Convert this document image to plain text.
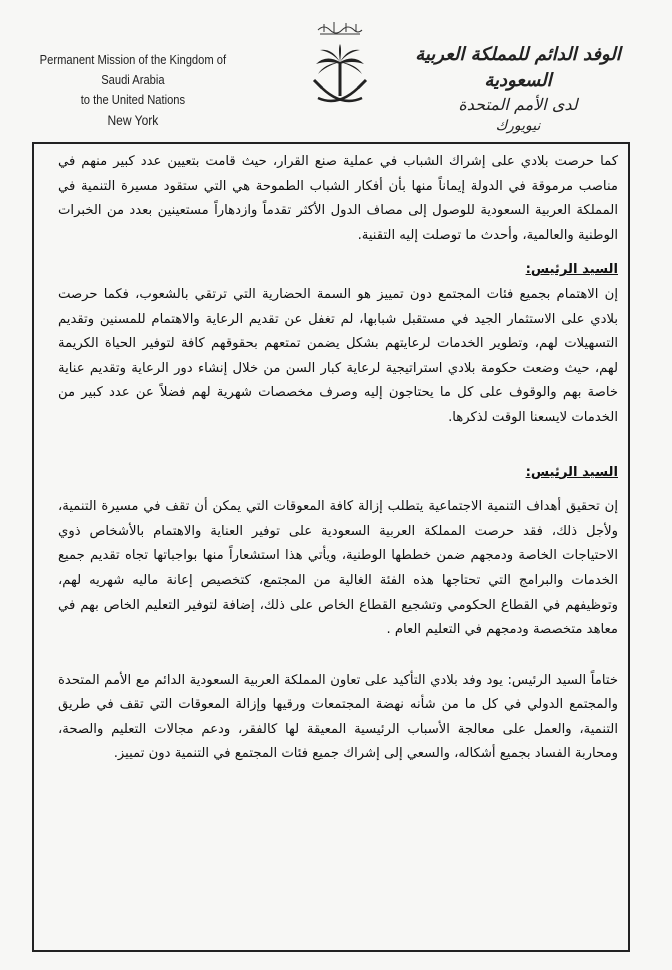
Permanent Mission of the Kingdom of Saudi Arabia
to the United Nations
New York
الوفد الدائم للمملكة العربية السعودية
لدى الأمم المتحدة
نيويورك

كما حرصت بلادي على إشراك الشباب في عملية صنع القرار، حيث قامت بتعيين عدد كبير منهم في مناصب مرموقة في الدولة إيماناً منها بأن أفكار الشباب الطموحة هي التي ستقود مسيرة التنمية في المملكة العربية السعودية للوصول إلى مصاف الدول الأكثر تقدماً وازدهاراً مستعينين بعدد من الخبرات الوطنية والعالمية، وأحدث ما توصلت إليه التقنية.

السيد الرئيس:

إن الاهتمام بجميع فئات المجتمع دون تمييز هو السمة الحضارية التي ترتقي بالشعوب، فكما حرصت بلادي على الاستثمار الجيد في مستقبل شبابها، لم تغفل عن تقديم الرعاية والاهتمام للمسنين وتقديم التسهيلات لهم، وتطوير الخدمات لرعايتهم بشكل يضمن تمتعهم بحقوقهم كافة لتوفير الحياة الكريمة لهم، حيث وضعت حكومة بلادي استراتيجية لرعاية كبار السن من خلال إنشاء دور الرعاية وتقديم عناية خاصة بهم والوقوف على كل ما يحتاجون إليه وصرف مخصصات شهرية لهم فضلاً عن عدد كبير من الخدمات لايسعنا الوقت لذكرها.

السيد الرئيس:

إن تحقيق أهداف التنمية الاجتماعية يتطلب إزالة كافة المعوقات التي يمكن أن تقف في مسيرة التنمية، ولأجل ذلك، فقد حرصت المملكة العربية السعودية على توفير العناية والاهتمام بالأشخاص ذوي الاحتياجات الخاصة ودمجهم ضمن خططها الوطنية، ويأتي هذا استشعاراً منها بواجباتها تجاه تقديم جميع الخدمات والبرامج التي تحتاجها هذه الفئة الغالية من المجتمع، كتخصيص إعانة ماليه شهريه لهم، وتوظيفهم في القطاع الحكومي وتشجيع القطاع الخاص على ذلك، إضافة لتوفير التعليم الخاص بهم في معاهد متخصصة ودمجهم في التعليم العام .

ختاماً السيد الرئيس: يود وفد بلادي التأكيد على تعاون المملكة العربية السعودية الدائم مع الأمم المتحدة والمجتمع الدولي في كل ما من شأنه نهضة المجتمعات ورقيها وإزالة المعوقات التي تقف في طريق التنمية، والعمل على معالجة الأسباب الرئيسية المعيقة لها كالفقر، ودعم مجالات التعليم والصحة، ومحاربة الفساد بجميع أشكاله، والسعي إلى إشراك جميع فئات المجتمع في التنمية دون تمييز.
